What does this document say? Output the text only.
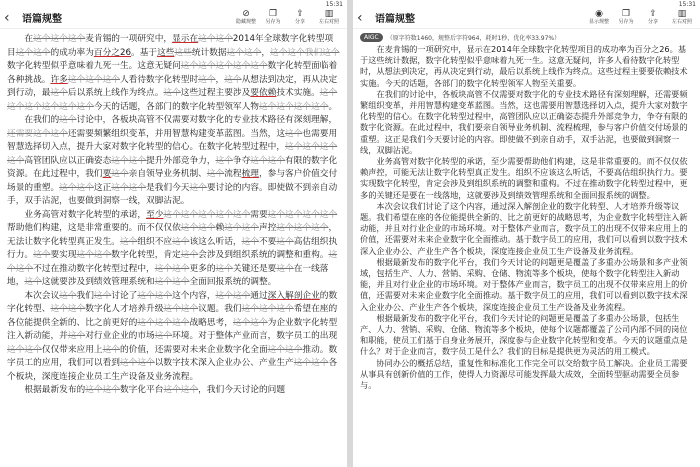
15:31
‹	语篇规整	⊘
隐藏规整
❐
另存为
⇪
分享
▥
左右对照

在这个这个这个麦肯锡的一项研究中，显示在这个这个2014年全球数字化转型项目这个这个的成功率为百分之26。基于这些这些统计数据这个这个，这个这个我们这个数字化转型似乎意味着九死一生。这意无疑问这个这个这个这个这个数字化转型面临着各种挑战。许多这个这个这个人看待数字化转型时这个，这个从想法到决定，再从决定到行动，最这个后以系统上线作为终点。这个这些过程主要涉及要依赖技术实施。这个这个这个这个这个这个今天的话题，各部门的数字化转型领军人物这个这个这个这个。

在我们的这个讨论中，各板块高管不仅需要对数字化的专业技术路径有深刻理解，还需要这个这个还需要频繁组织变革，并用智慧构建变革蓝图。当然，这这个也需要用智慧选择切入点，提升大家对数字化转型的信心。在数字化转型过程中，这个这个这个这个高管团队应以正确姿态这个这个提升外部竞争力，这个争夺这个这个有限的数字化资源。在此过程中，我们要这个亲自领导业务机制、这个流程梳理，参与客户价值交付场景的重塑。这个这个这正这个这个是我们今天这个要讨论的内容。即使做不到亲自动手，双手沾泥，也要做到洞察一线，双脚沾泥。

业务高管对数字化转型的承诺，至少这个这个这个这个这个需要这个这个这个这个帮助他们构建，这是非常重要的。而不仅仅依这个这个赖这个这个声控这个这个这个，无法让数字化转型真正发生。这个组织不应这个该这么听话，这个不要这个高估组织执行力。这个要实现这个这个数字化转型，肯定这个会涉及到组织系统的调整和重构。这个这个不过在推动数字化转型过程中，这个这个更多的这个关键还是要这个在一线落地，这个这就要涉及到绩效管理系统和这个这个全面回报系统的调整。

本次会议这个我们这个讨论了这个这个这个内容，这个这个通过深入解剖企业的数字化转型、这个这个数字化人才培养升级这个这个议题。我们这个这个这个希望在座的各位能提供全新的、比之前更好的这个这个这个战略思考，这个这个为企业数字化转型注入新动能，并这个对行业企业的市场这个环境。对于整体产业而言，数字员工的出现这个这个仅仅带来应用上这个的价值，还需要对未来企业数字化全面这个这个推动。数字员工的应用，我们可以看到这个这个以数字技术深入企业办公、产业生产这个这个各个板块，深度连接企业员工生产设备及业务流程。

根据最新发布的这个这个数字化平台这个这个，我们今天讨论的问题

15:31
‹	语篇规整	◉
显示规整
❐
另存为
⇪
分享
▥
左右对照
AIGC	（原字符数1460，规整后字符964，耗时1秒，优化率33.97%）

在麦肯锡的一项研究中，显示在2014年全球数字化转型项目的成功率为百分之26。基于这些统计数据，数字化转型似乎意味着九死一生。这意无疑问，许多人看待数字化转型时，从想法到决定，再从决定到行动，最后以系统上线作为终点。这些过程主要要依赖技术实施。今天的话题，各部门的数字化转型领军人物至关重要。

在我们的讨论中，各板块高管不仅需要对数字化的专业技术路径有深刻理解，还需要频繁组织变革，并用智慧构建变革蓝图。当然，这也需要用智慧选择切入点，提升大家对数字化转型的信心。在数字化转型过程中，高管团队应以正确姿态提升外部竞争力，争夺有限的数字化资源。在此过程中，我们要亲自领导业务机制、流程梳理，参与客户价值交付场景的重塑。这正是我们今天要讨论的内容。即使做不到亲自动手，双手沾泥，也要做到洞察一线，双脚沾泥。

业务高管对数字化转型的承诺，至少需要帮助他们构建，这是非常重要的。而不仅仅依赖声控，可能无法让数字化转型真正发生。组织不应该这么听话，不要高估组织执行力。要实现数字化转型，肯定会涉及到组织系统的调整和重构。不过在推动数字化转型过程中，更多的关键还是要在一线落地，这就要涉及到绩效管理系统和全面回报系统的调整。

本次会议我们讨论了这个内容，通过深入解剖企业的数字化转型、人才培养升级等议题。我们希望在座的各位能提供全新的、比之前更好的战略思考，为企业数字化转型注入新动能，并且对行业企业的市场环境。对于整体产业而言，数字员工的出现不仅带来应用上的价值，还需要对未来企业数字化全面推动。基于数字员工的应用，我们可以看到以数字技术深入企业办公、产业生产各个板块，深度连接企业员工生产设备及业务流程。

根据最新发布的数字化平台，我们今天讨论的问题更是覆盖了多重办公场景和多产业领域，包括生产、人力、营销、采购、仓储、物流等多个板块，使每个数字化转型注入新动能，并且对行业企业的市场环境。对于整体产业而言，数字员工的出现不仅带来应用上的价值，还需要对未来企业数字化全面推动。基于数字员工的应用，我们可以看到以数字技术深入企业办公、产业生产各个板块，深度连接企业员工生产设备及业务流程。

根据最新发布的数字化平台，我们今天讨论的问题更是覆盖了多重办公场景，包括生产、人力、营销、采购、仓储、物流等多个板块，使每个议题都覆盖了公司内部不同的岗位和职能，使员工们基于自身业务展开，深度参与企业数字化转型和变革。今天的议题重点是什么？对于企业而言，数字员工是什么？我们的目标是提供更为灵活的用工模式。

协同办公的概括总结，重复性和标准化工作完全可以交给数字员工解决。企业员工需要从事具有创新价值的工作，使得人力资源尽可能发挥最大成效，全面转型驱动需要全员参与。
